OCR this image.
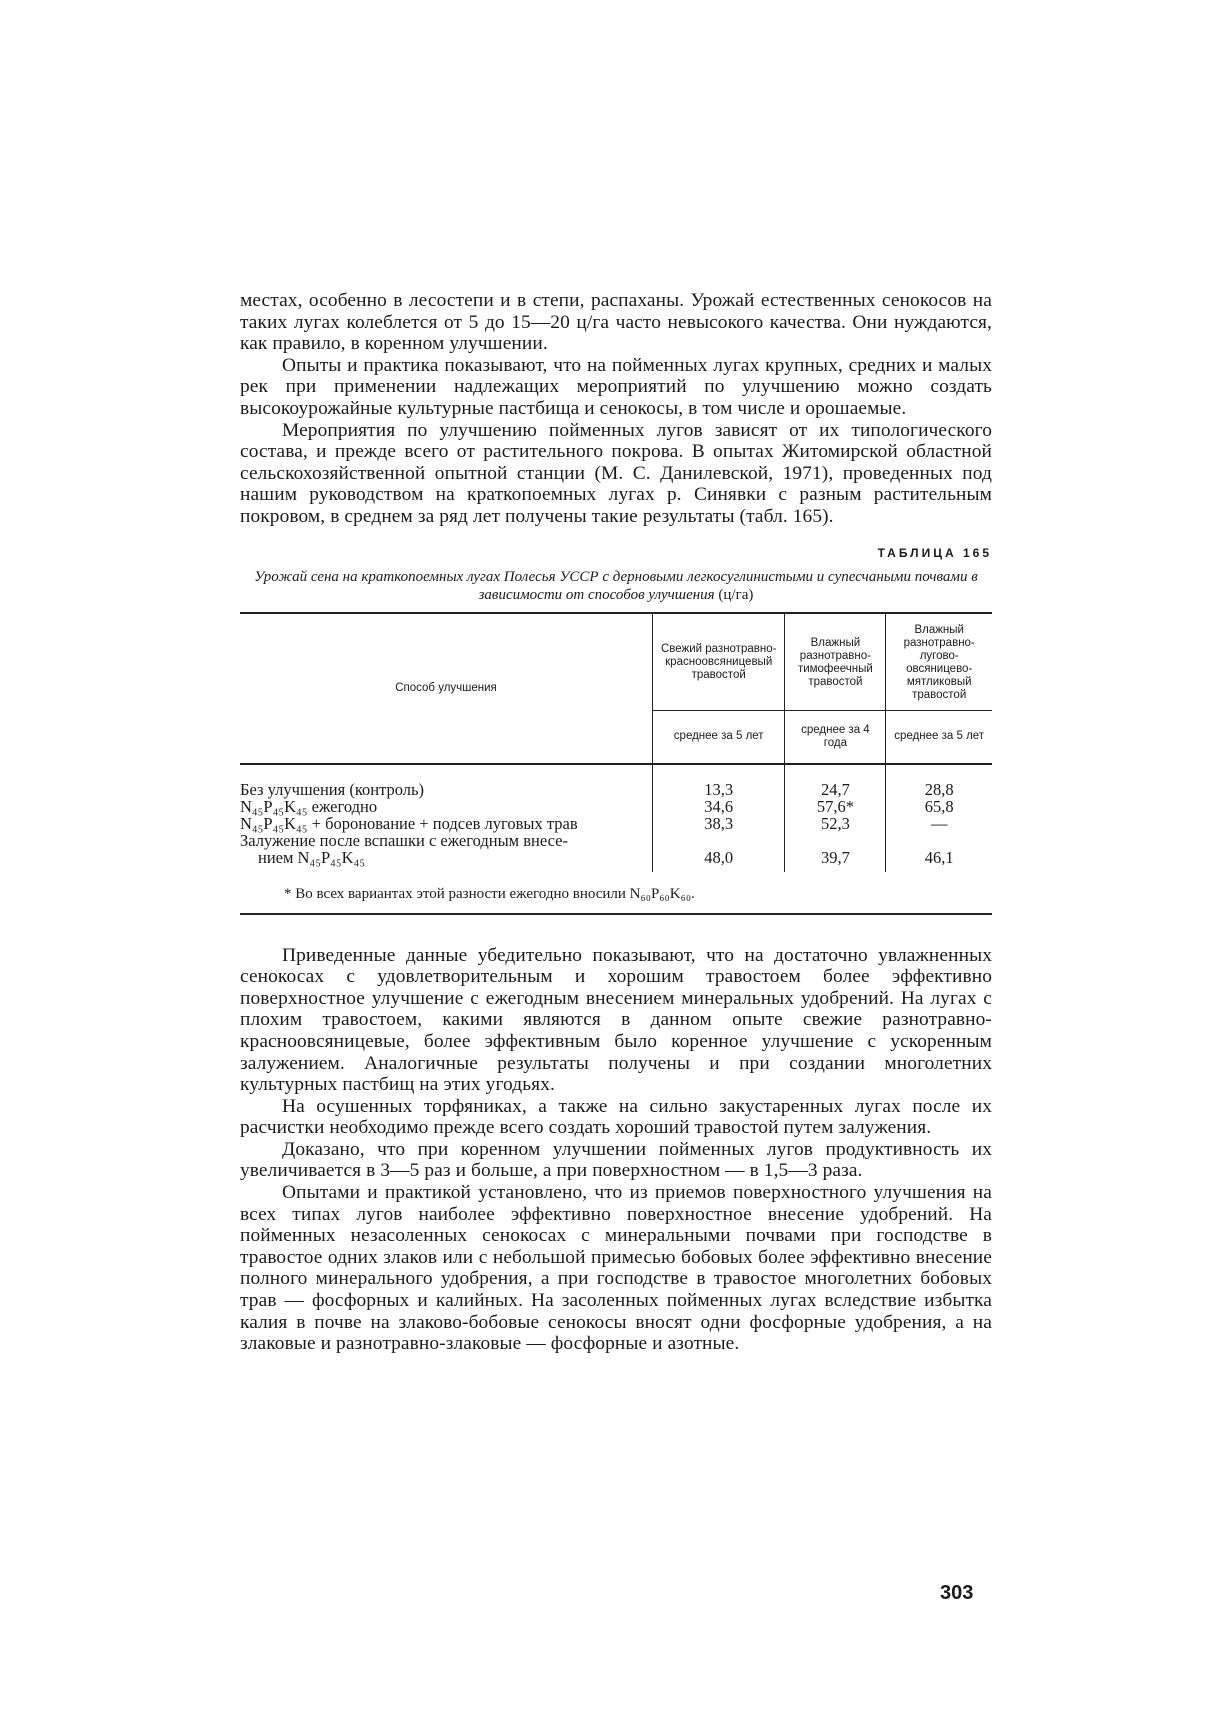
местах, особенно в лесостепи и в степи, распаханы. Урожай естественных сенокосов на таких лугах колеблется от 5 до 15—20 ц/га часто невысокого качества. Они нуждаются, как правило, в коренном улучшении.

Опыты и практика показывают, что на пойменных лугах крупных, средних и малых рек при применении надлежащих мероприятий по улучшению можно создать высокоурожайные культурные пастбища и сенокосы, в том числе и орошаемые.

Мероприятия по улучшению пойменных лугов зависят от их типологического состава, и прежде всего от растительного покрова. В опытах Житомирской областной сельскохозяйственной опытной станции (М. С. Данилевской, 1971), проведенных под нашим руководством на краткопоемных лугах р. Синявки с разным растительным покровом, в среднем за ряд лет получены такие результаты (табл. 165).

ТАБЛИЦА 165
Урожай сена на краткопоемных лугах Полесья УССР с дерновыми легкосуглинистыми и супесчаными почвами в зависимости от способов улучшения (ц/га)
Способ улучшения	Свежий разнотравно-красноовсяницевый травостой	Влажный разнотравно-тимофеечный травостой	Влажный разнотравно-лугово-овсяницево-мятликовый травостой
	среднее за 5 лет	среднее за 4 года	среднее за 5 лет

Без улучшения (контроль)	13,3	24,7	28,8
N₄₅P₄₅K₄₅ ежегодно	34,6	57,6*	65,8
N₄₅P₄₅K₄₅ + боронование + подсев луговых трав	38,3	52,3	—

Залужение после вспашки с ежегодным внесе-
нием N₄₅P₄₅K₄₅	48,0	39,7	46,1
* Во всех вариантах этой разности ежегодно вносили N₆₀P₆₀K₆₀.

Приведенные данные убедительно показывают, что на достаточно увлажненных сенокосах с удовлетворительным и хорошим травостоем более эффективно поверхностное улучшение с ежегодным внесением минеральных удобрений. На лугах с плохим травостоем, какими являются в данном опыте свежие разнотравно-красноовсяницевые, более эффективным было коренное улучшение с ускоренным залужением. Аналогичные результаты получены и при создании многолетних культурных пастбищ на этих угодьях.

На осушенных торфяниках, а также на сильно закустаренных лугах после их расчистки необходимо прежде всего создать хороший травостой путем залужения.

Доказано, что при коренном улучшении пойменных лугов продуктивность их увеличивается в 3—5 раз и больше, а при поверхностном — в 1,5—3 раза.

Опытами и практикой установлено, что из приемов поверхностного улучшения на всех типах лугов наиболее эффективно поверхностное внесение удобрений. На пойменных незасоленных сенокосах с минеральными почвами при господстве в травостое одних злаков или с небольшой примесью бобовых более эффективно внесение полного минерального удобрения, а при господстве в травостое многолетних бобовых трав — фосфорных и калийных. На засоленных пойменных лугах вследствие избытка калия в почве на злаково-бобовые сенокосы вносят одни фосфорные удобрения, а на злаковые и разнотравно-злаковые — фосфорные и азотные.

303
